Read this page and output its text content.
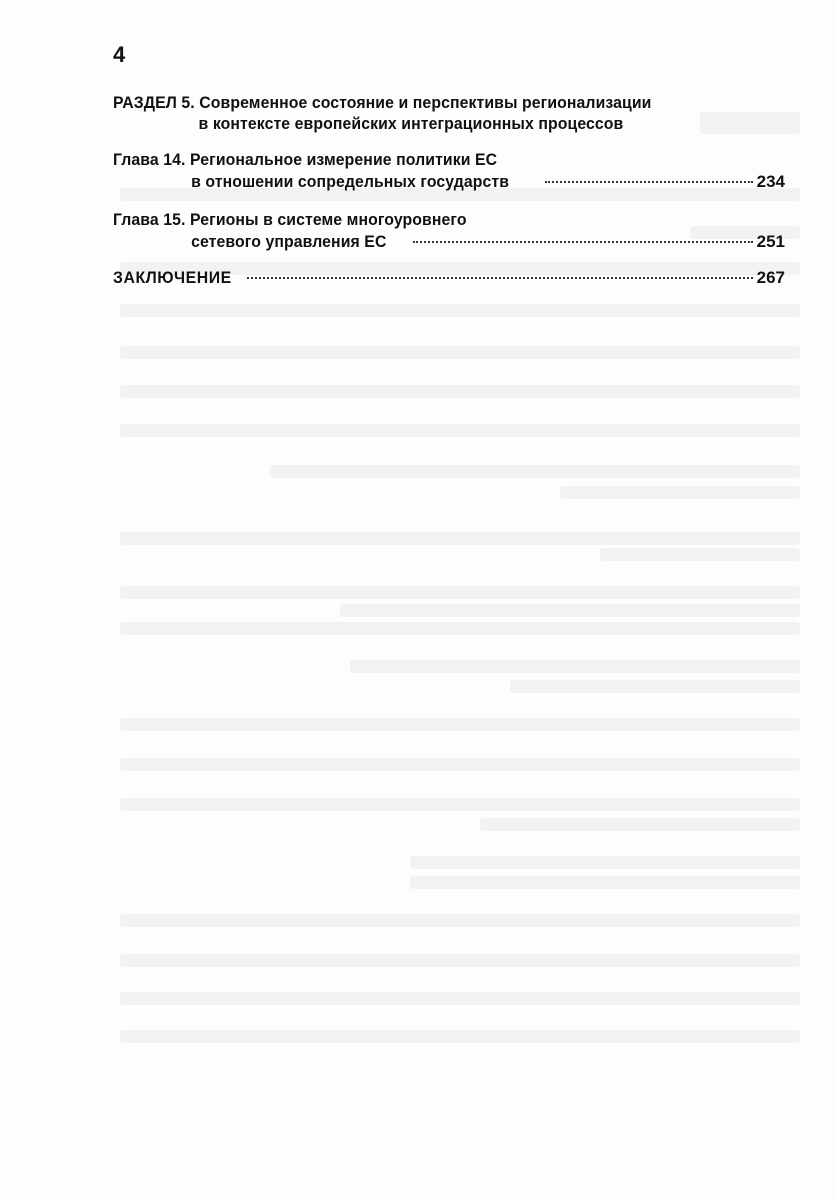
4
РАЗДЕЛ 5. Современное состояние и перспективы регионализации
в контексте европейских интеграционных процессов
Глава 14. Региональное измерение политики ЕС
в отношении сопредельных государств	234
Глава 15. Регионы в системе многоуровнего
сетевого управления ЕС	251
ЗАКЛЮЧЕНИЕ	267
